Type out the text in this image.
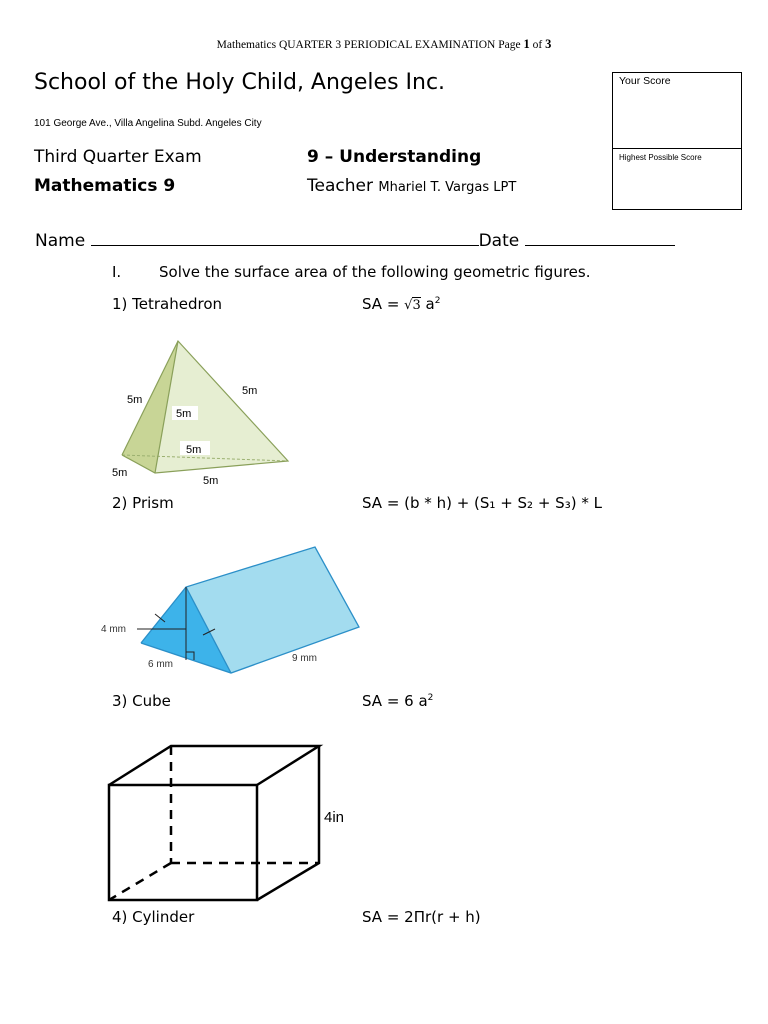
Mathematics QUARTER 3 PERIODICAL EXAMINATION Page 1 of 3
School of the Holy Child, Angeles Inc.
101 George Ave., Villa Angelina Subd. Angeles City
Your Score
Highest Possible Score
Third Quarter Exam	9 – Understanding
Mathematics 9	Teacher Mhariel T. Vargas LPT
Name	Date
I.	Solve the surface area of the following geometric figures.
1) Tetrahedron	SA = √3 $a^2$
5m
5m
5m
5m
5m
5m
2) Prism	SA = (b * h) + (S₁ + S₂ + S₃) * L
4 mm
6 mm
9 mm
3) Cube	SA = 6 $a^2$
4in
4) Cylinder	SA = 2Πr(r + h)
